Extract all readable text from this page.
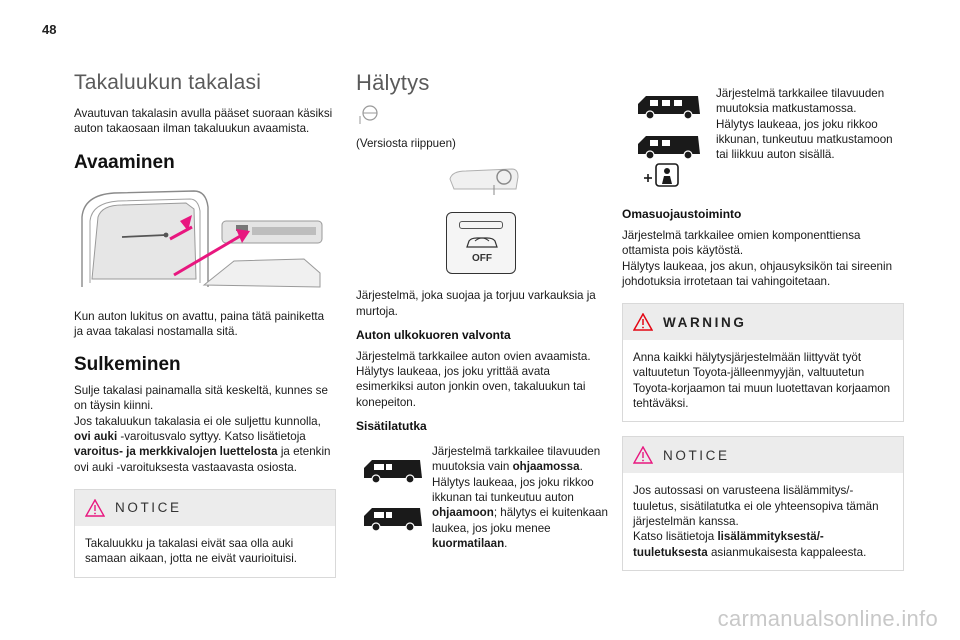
48
Takaluukun takalasi

Avautuvan takalasin avulla pääset suoraan käsiksi auton takaosaan ilman takaluukun avaamista.

Avaaminen

Kun auton lukitus on avattu, paina tätä painiketta ja avaa takalasi nostamalla sitä.

Sulkeminen

Sulje takalasi painamalla sitä keskeltä, kunnes se on täysin kiinni.

Jos takaluukun takalasia ei ole suljettu kunnolla, ovi auki -varoitusvalo syttyy. Katso lisätietoja varoitus- ja merkkivalojen luettelosta ja etenkin ovi auki -varoituksesta vastaavasta osiosta.

NOTICE

Takaluukku ja takalasi eivät saa olla auki samaan aikaan, jotta ne eivät vaurioituisi.

Hälytys

(Versiosta riippuen)

OFF

Järjestelmä, joka suojaa ja torjuu varkauksia ja murtoja.

Auton ulkokuoren valvonta

Järjestelmä tarkkailee auton ovien avaamista. Hälytys laukeaa, jos joku yrittää avata esimerkiksi auton jonkin oven, takaluukun tai konepeiton.

Sisätilatutka

Järjestelmä tarkkailee tilavuuden muutoksia vain ohjaamossa. Hälytys laukeaa, jos joku rikkoo ikkunan tai tunkeutuu auton ohjaamoon; hälytys ei kuitenkaan laukea, jos joku menee kuormatilaan.

Järjestelmä tarkkailee tilavuuden muutoksia matkustamossa. Hälytys laukeaa, jos joku rikkoo ikkunan, tunkeutuu matkustamoon tai liikkuu auton sisällä.

Omasuojaustoiminto

Järjestelmä tarkkailee omien komponenttiensa ottamista pois käytöstä.

Hälytys laukeaa, jos akun, ohjausyksikön tai sireenin johdotuksia irrotetaan tai vahingoitetaan.

WARNING

Anna kaikki hälytysjärjestelmään liittyvät työt valtuutetun Toyota-jälleenmyyjän, valtuutetun Toyota-korjaamon tai muun luotettavan korjaamon tehtäväksi.

NOTICE

Jos autossasi on varusteena lisälämmitys/-tuuletus, sisätilatutka ei ole yhteensopiva tämän järjestelmän kanssa.

Katso lisätietoja lisälämmityksestä/-tuuletuksesta asianmukaisesta kappaleesta.

carmanualsonline.info
